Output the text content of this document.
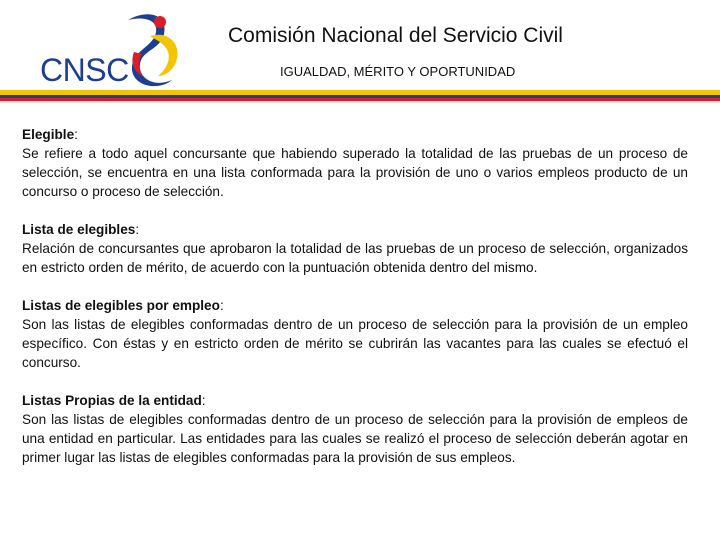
CNSC
Comisión Nacional del Servicio Civil
IGUALDAD, MÉRITO Y OPORTUNIDAD
Elegible:

Se refiere a todo aquel concursante que habiendo superado la totalidad de las pruebas de un proceso de selección, se encuentra en una lista conformada para la provisión de uno o varios empleos producto de un concurso o proceso de selección.

Lista de elegibles:

Relación de concursantes que aprobaron la totalidad de las pruebas de un proceso de selección, organizados en estricto orden de mérito, de acuerdo con la puntuación obtenida dentro del mismo.

Listas de elegibles por empleo:

Son las listas de elegibles conformadas dentro de un proceso de selección para la provisión de un empleo específico. Con éstas y en estricto orden de mérito se cubrirán las vacantes para las cuales se efectuó el concurso.

Listas Propias de la entidad:

Son las listas de elegibles conformadas dentro de un proceso de selección para la provisión de empleos de una entidad en particular. Las entidades para las cuales se realizó el proceso de selección deberán agotar en primer lugar las listas de elegibles conformadas para la provisión de sus empleos.
